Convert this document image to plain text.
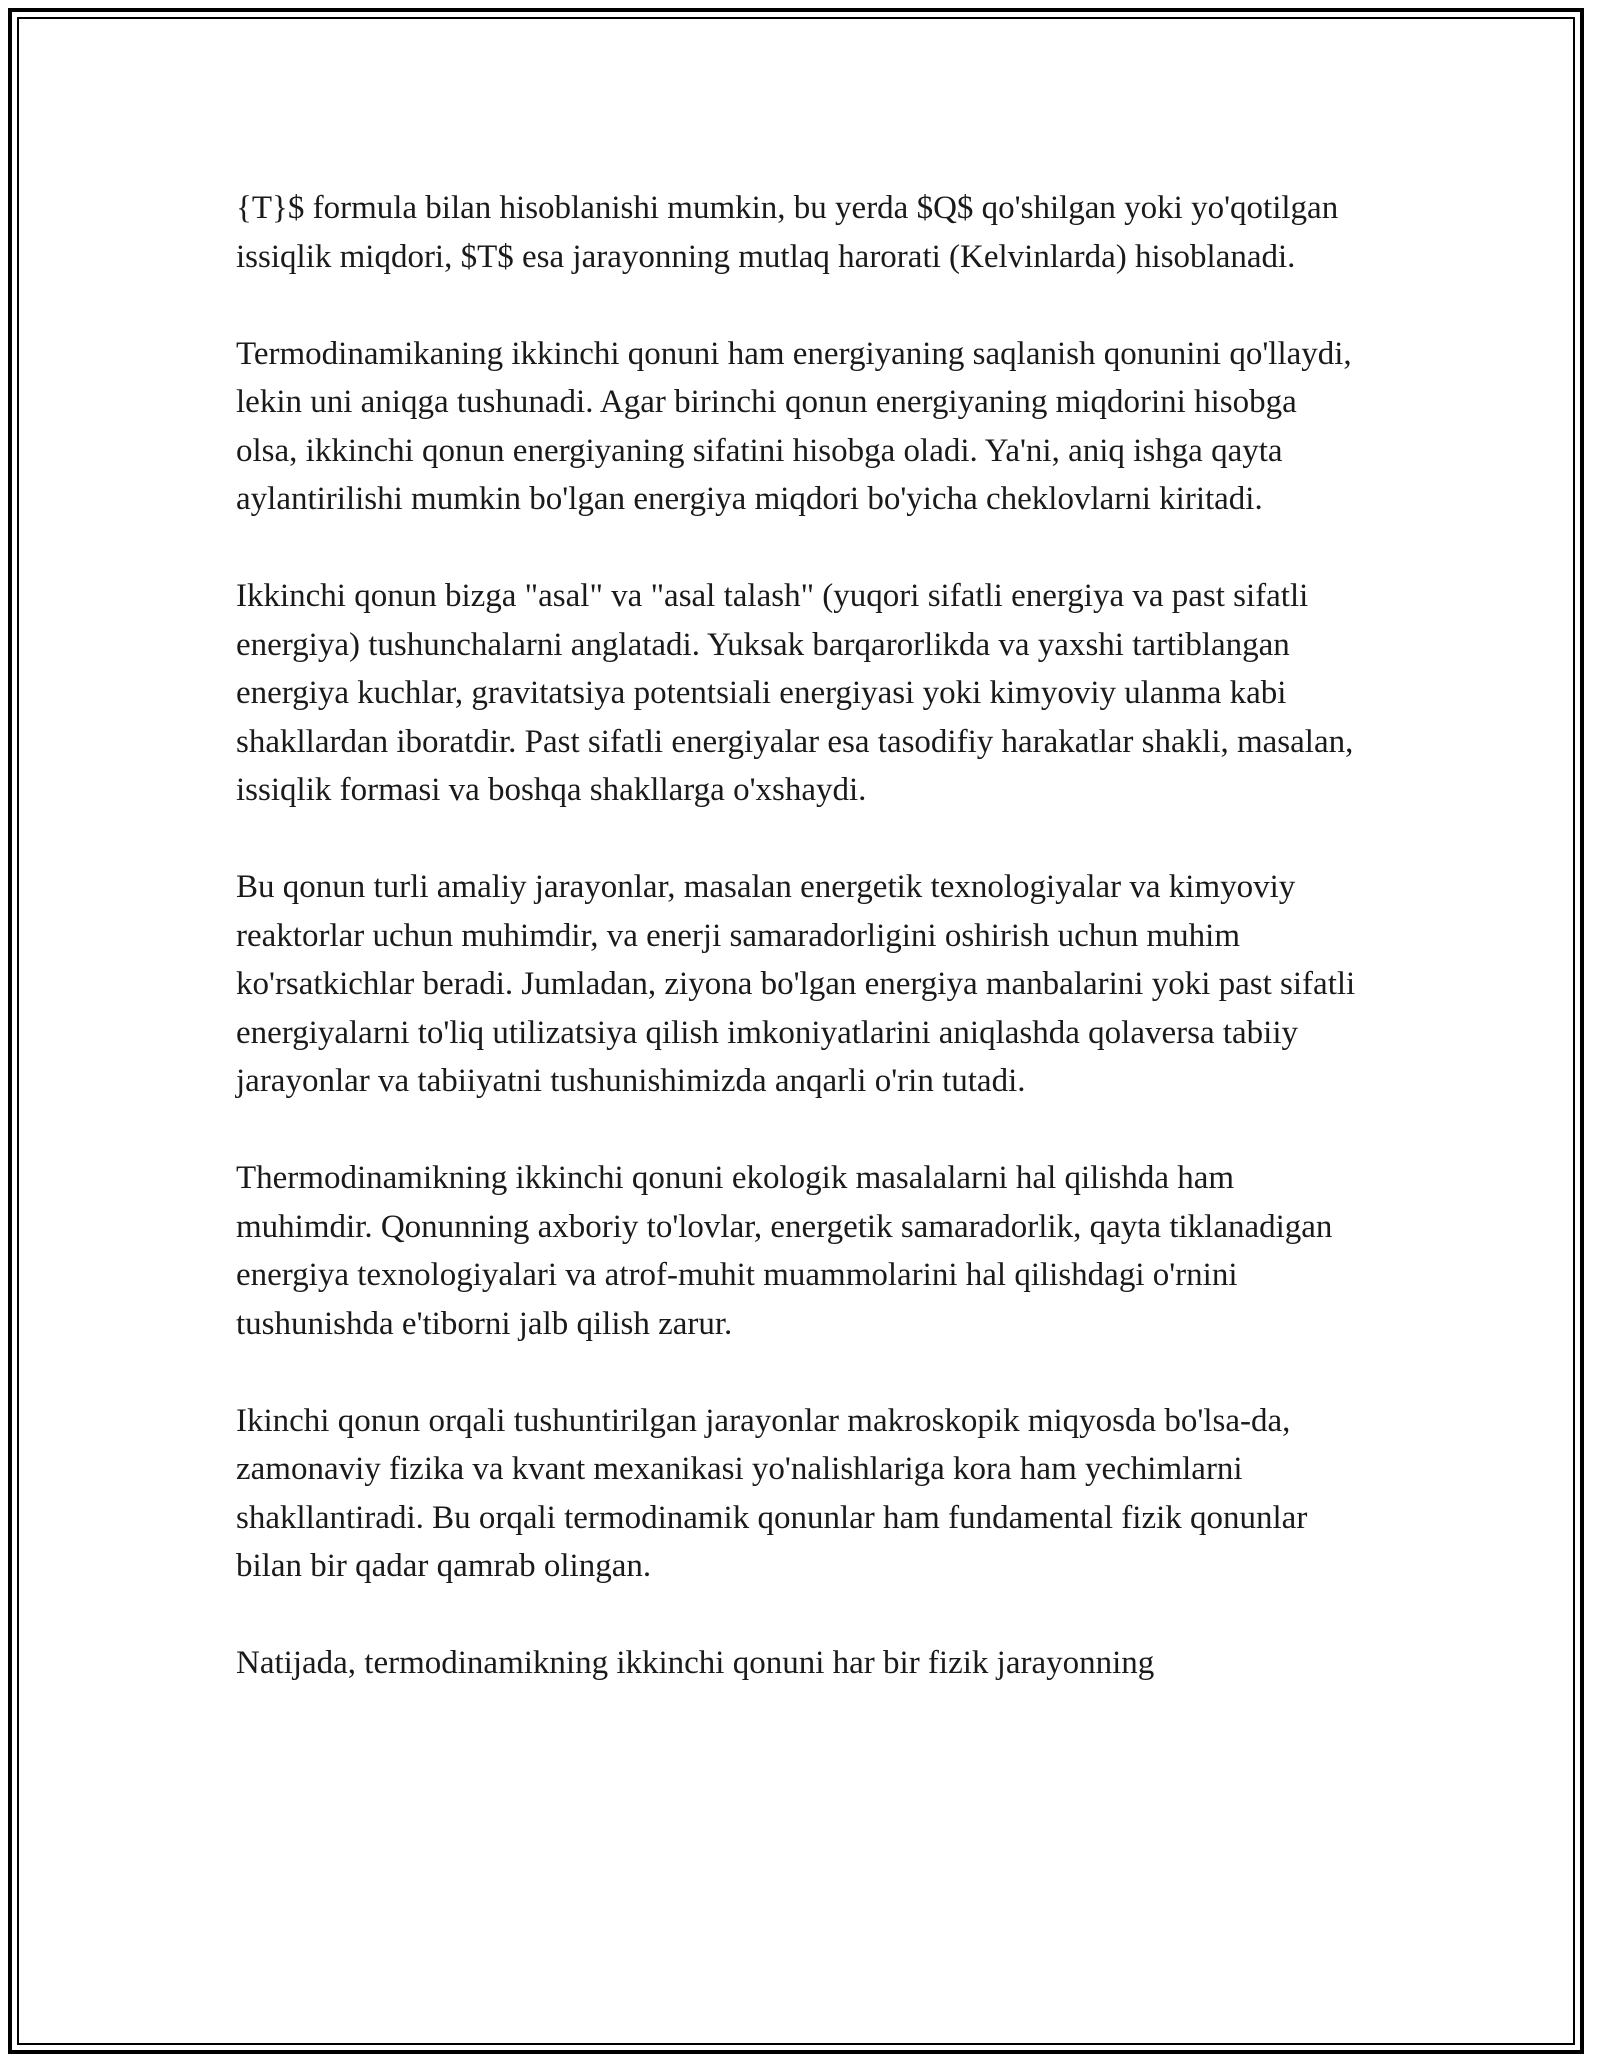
{T}$ formula bilan hisoblanishi mumkin, bu yerda $Q$ qo'shilgan yoki yo'qotilgan issiqlik miqdori, $T$ esa jarayonning mutlaq harorati (Kelvinlarda) hisoblanadi.

Termodinamikaning ikkinchi qonuni ham energiyaning saqlanish qonunini qo'llaydi, lekin uni aniqga tushunadi. Agar birinchi qonun energiyaning miqdorini hisobga olsa, ikkinchi qonun energiyaning sifatini hisobga oladi. Ya'ni, aniq ishga qayta aylantirilishi mumkin bo'lgan energiya miqdori bo'yicha cheklovlarni kiritadi.

Ikkinchi qonun bizga "asal" va "asal talash" (yuqori sifatli energiya va past sifatli energiya) tushunchalarni anglatadi. Yuksak barqarorlikda va yaxshi tartiblangan energiya kuchlar, gravitatsiya potentsiali energiyasi yoki kimyoviy ulanma kabi shakllardan iboratdir. Past sifatli energiyalar esa tasodifiy harakatlar shakli, masalan, issiqlik formasi va boshqa shakllarga o'xshaydi.

Bu qonun turli amaliy jarayonlar, masalan energetik texnologiyalar va kimyoviy reaktorlar uchun muhimdir, va enerji samaradorligini oshirish uchun muhim ko'rsatkichlar beradi. Jumladan, ziyona bo'lgan energiya manbalarini yoki past sifatli energiyalarni to'liq utilizatsiya qilish imkoniyatlarini aniqlashda qolaversa tabiiy jarayonlar va tabiiyatni tushunishimizda anqarli o'rin tutadi.

Thermodinamikning ikkinchi qonuni ekologik masalalarni hal qilishda ham muhimdir. Qonunning axboriy to'lovlar, energetik samaradorlik, qayta tiklanadigan energiya texnologiyalari va atrof-muhit muammolarini hal qilishdagi o'rnini tushunishda e'tiborni jalb qilish zarur.

Ikinchi qonun orqali tushuntirilgan jarayonlar makroskopik miqyosda bo'lsa-da, zamonaviy fizika va kvant mexanikasi yo'nalishlariga kora ham yechimlarni shakllantiradi. Bu orqali termodinamik qonunlar ham fundamental fizik qonunlar bilan bir qadar qamrab olingan.

Natijada, termodinamikning ikkinchi qonuni har bir fizik jarayonning
